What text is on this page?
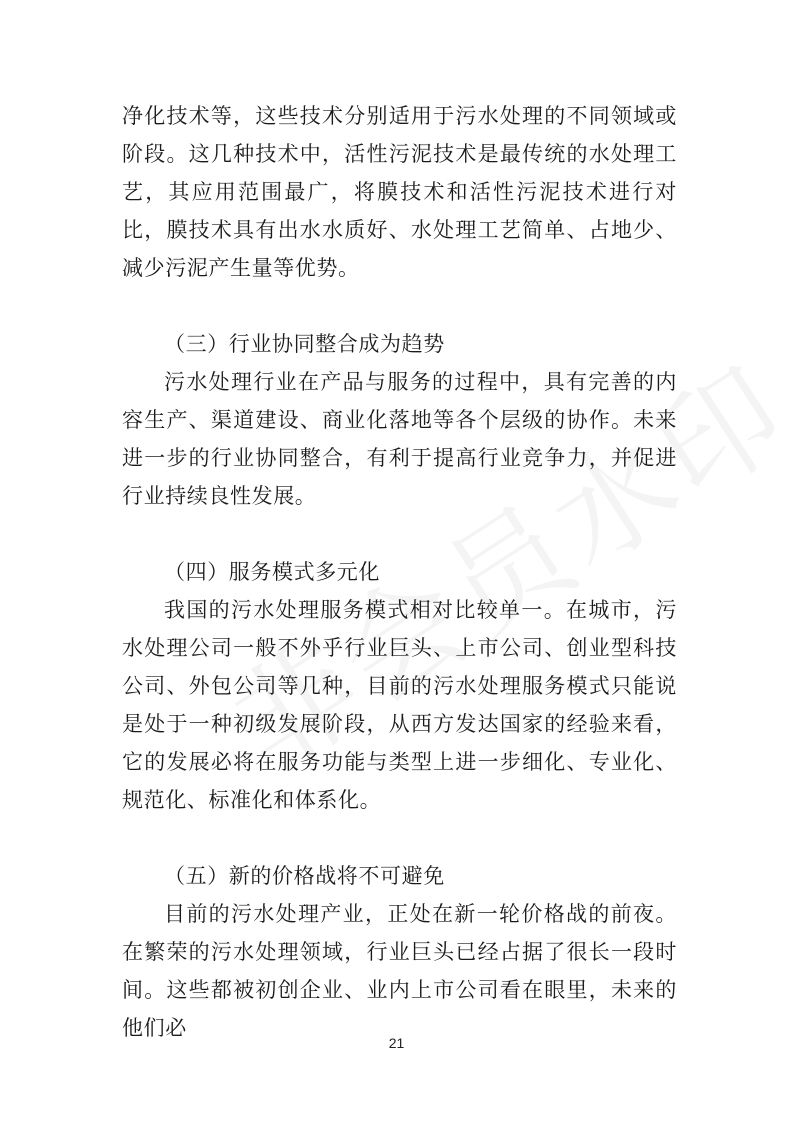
净化技术等，这些技术分别适用于污水处理的不同领域或阶段。这几种技术中，活性污泥技术是最传统的水处理工艺，其应用范围最广，将膜技术和活性污泥技术进行对比，膜技术具有出水水质好、水处理工艺简单、占地少、减少污泥产生量等优势。

（三）行业协同整合成为趋势

污水处理行业在产品与服务的过程中，具有完善的内容生产、渠道建设、商业化落地等各个层级的协作。未来进一步的行业协同整合，有利于提高行业竞争力，并促进行业持续良性发展。

（四）服务模式多元化

我国的污水处理服务模式相对比较单一。在城市，污水处理公司一般不外乎行业巨头、上市公司、创业型科技公司、外包公司等几种，目前的污水处理服务模式只能说是处于一种初级发展阶段，从西方发达国家的经验来看，它的发展必将在服务功能与类型上进一步细化、专业化、规范化、标准化和体系化。

（五）新的价格战将不可避免

目前的污水处理产业，正处在新一轮价格战的前夜。在繁荣的污水处理领域，行业巨头已经占据了很长一段时间。这些都被初创企业、业内上市公司看在眼里，未来的他们必

21
